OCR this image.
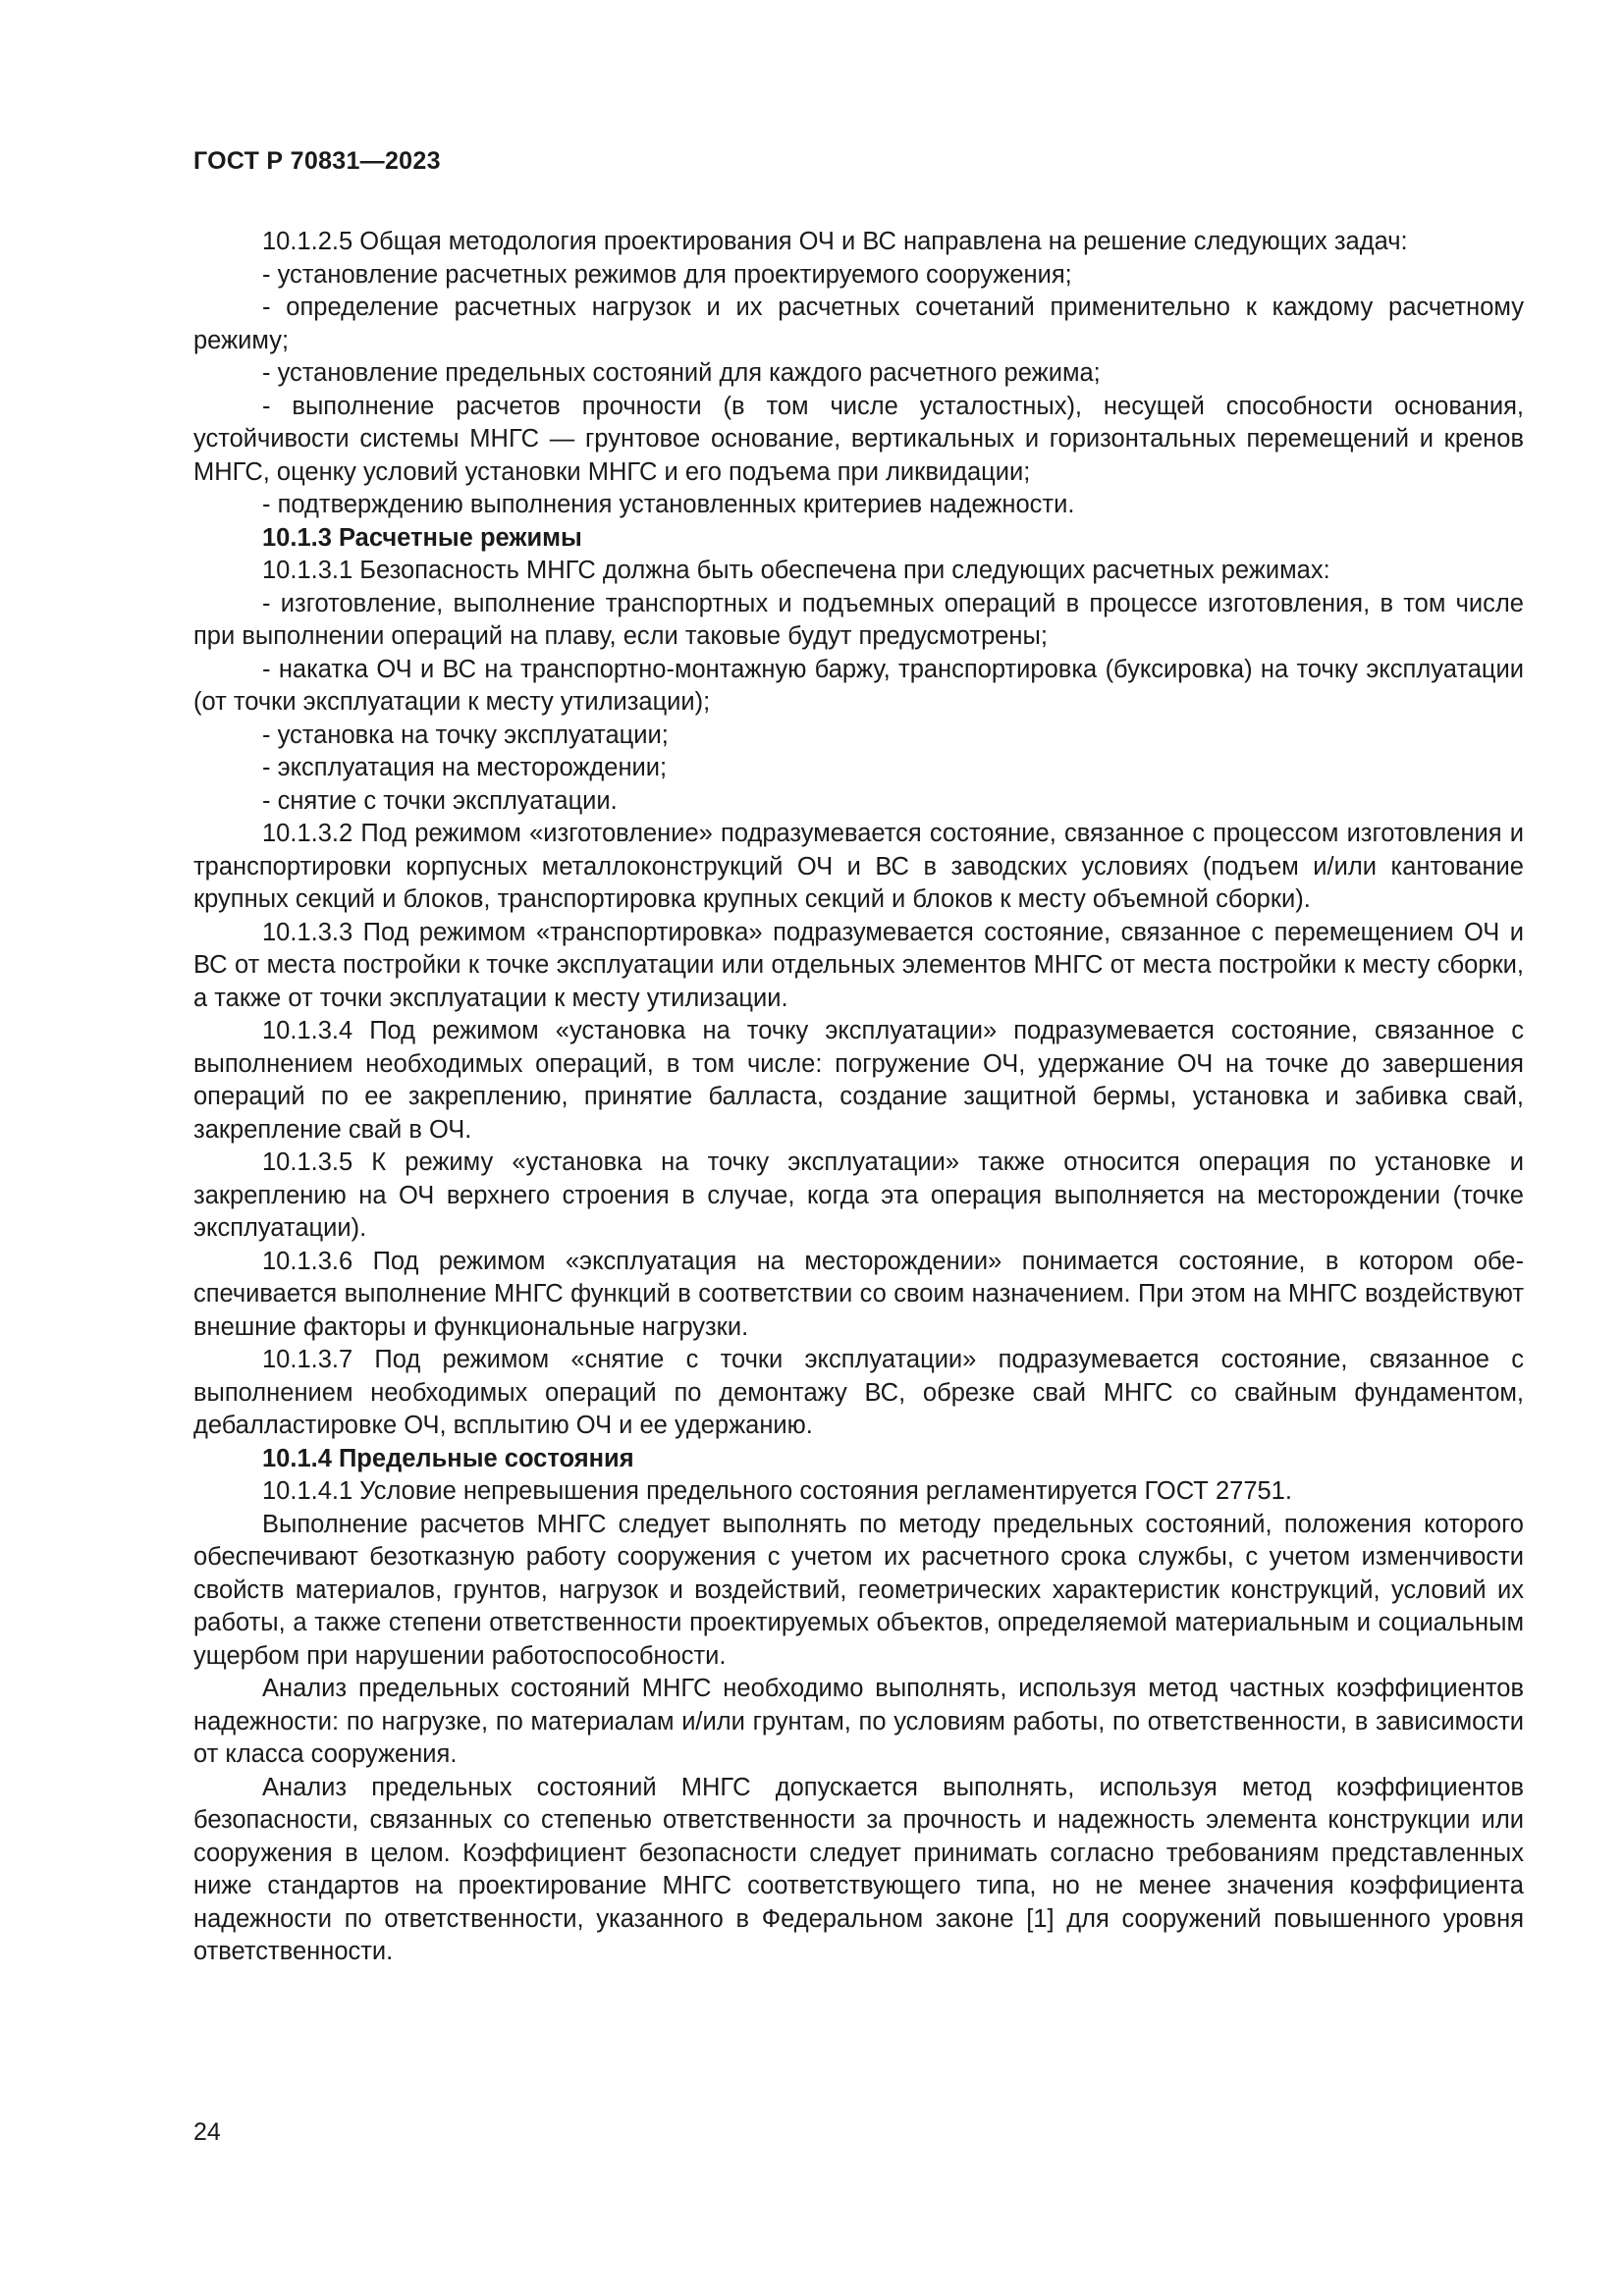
ГОСТ Р 70831—2023

10.1.2.5 Общая методология проектирования ОЧ и ВС направлена на решение следующих задач:

- установление расчетных режимов для проектируемого сооружения;

- определение расчетных нагрузок и их расчетных сочетаний применительно к каждому расчетному режиму;

- установление предельных состояний для каждого расчетного режима;

- выполнение расчетов прочности (в том числе усталостных), несущей способности основания, устойчивости системы МНГС — грунтовое основание, вертикальных и горизонтальных перемещений и кренов МНГС, оценку условий установки МНГС и его подъема при ликвидации;

- подтверждению выполнения установленных критериев надежности.

10.1.3 Расчетные режимы

10.1.3.1 Безопасность МНГС должна быть обеспечена при следующих расчетных режимах:

- изготовление, выполнение транспортных и подъемных операций в процессе изготовления, в том числе при выполнении операций на плаву, если таковые будут предусмотрены;

- накатка ОЧ и ВС на транспортно-монтажную баржу, транспортировка (буксировка) на точку эксплуатации (от точки эксплуатации к месту утилизации);

- установка на точку эксплуатации;

- эксплуатация на месторождении;

- снятие с точки эксплуатации.

10.1.3.2 Под режимом «изготовление» подразумевается состояние, связанное с процессом изготовления и транспортировки корпусных металлоконструкций ОЧ и ВС в заводских условиях (подъем и/или кантование крупных секций и блоков, транспортировка крупных секций и блоков к месту объемной сборки).

10.1.3.3 Под режимом «транспортировка» подразумевается состояние, связанное с перемещением ОЧ и ВС от места постройки к точке эксплуатации или отдельных элементов МНГС от места постройки к месту сборки, а также от точки эксплуатации к месту утилизации.

10.1.3.4 Под режимом «установка на точку эксплуатации» подразумевается состояние, связанное с выполнением необходимых операций, в том числе: погружение ОЧ, удержание ОЧ на точке до завершения операций по ее закреплению, принятие балласта, создание защитной бермы, установка и забивка свай, закрепление свай в ОЧ.

10.1.3.5 К режиму «установка на точку эксплуатации» также относится операция по установке и закреплению на ОЧ верхнего строения в случае, когда эта операция выполняется на месторождении (точке эксплуатации).

10.1.3.6 Под режимом «эксплуатация на месторождении» понимается состояние, в котором обеспечивается выполнение МНГС функций в соответствии со своим назначением. При этом на МНГС воздействуют внешние факторы и функциональные нагрузки.

10.1.3.7 Под режимом «снятие с точки эксплуатации» подразумевается состояние, связанное с выполнением необходимых операций по демонтажу ВС, обрезке свай МНГС со свайным фундаментом, дебалластировке ОЧ, всплытию ОЧ и ее удержанию.

10.1.4 Предельные состояния

10.1.4.1 Условие непревышения предельного состояния регламентируется ГОСТ 27751.

Выполнение расчетов МНГС следует выполнять по методу предельных состояний, положения которого обеспечивают безотказную работу сооружения с учетом их расчетного срока службы, с учетом изменчивости свойств материалов, грунтов, нагрузок и воздействий, геометрических характеристик конструкций, условий их работы, а также степени ответственности проектируемых объектов, определяемой материальным и социальным ущербом при нарушении работоспособности.

Анализ предельных состояний МНГС необходимо выполнять, используя метод частных коэффициентов надежности: по нагрузке, по материалам и/или грунтам, по условиям работы, по ответственности, в зависимости от класса сооружения.

Анализ предельных состояний МНГС допускается выполнять, используя метод коэффициентов безопасности, связанных со степенью ответственности за прочность и надежность элемента конструкции или сооружения в целом. Коэффициент безопасности следует принимать согласно требованиям представленных ниже стандартов на проектирование МНГС соответствующего типа, но не менее значения коэффициента надежности по ответственности, указанного в Федеральном законе [1] для сооружений повышенного уровня ответственности.

24
